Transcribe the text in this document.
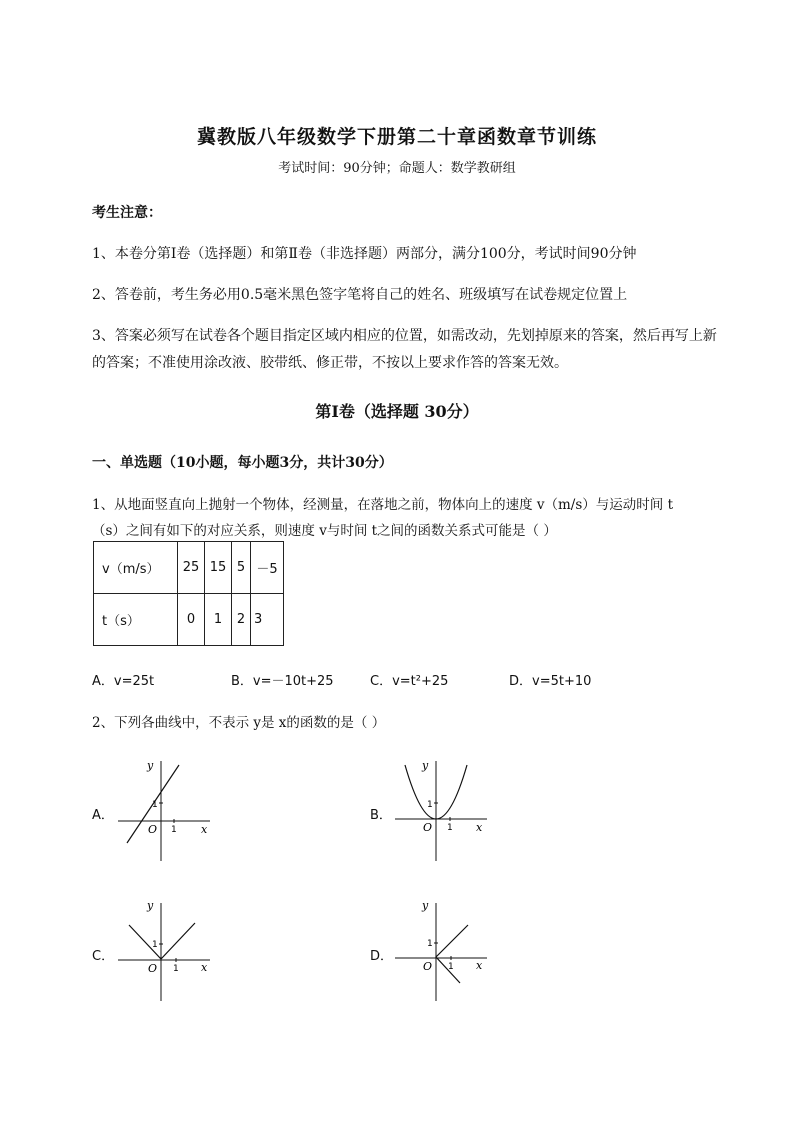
冀教版八年级数学下册第二十章函数章节训练
考试时间：90分钟；命题人：数学教研组
考生注意：
1、本卷分第I卷（选择题）和第Ⅱ卷（非选择题）两部分，满分100分，考试时间90分钟
2、答卷前，考生务必用0.5毫米黑色签字笔将自己的姓名、班级填写在试卷规定位置上
3、答案必须写在试卷各个题目指定区域内相应的位置，如需改动，先划掉原来的答案，然后再写上新
的答案；不准使用涂改液、胶带纸、修正带，不按以上要求作答的答案无效。
第I卷（选择题 30分）
一、单选题（10小题，每小题3分，共计30分）
1、从地面竖直向上抛射一个物体，经测量，在落地之前，物体向上的速度 v（m/s）与运动时间 t
（s）之间有如下的对应关系，则速度 v与时间 t之间的函数关系式可能是（ ）
v（m/s）	25	15	5	－5
t（s）	0	1	2	3
A．v=25t	B．v=－10t+25	C．v=t²+25	D．v=5t+10
2、下列各曲线中，不表示 y是 x的函数的是（ ）
A．
y
x
O
1
1
B．
y
x
O
1
1
C．
y
x
O
1
1
D．
y
x
O
1
1
